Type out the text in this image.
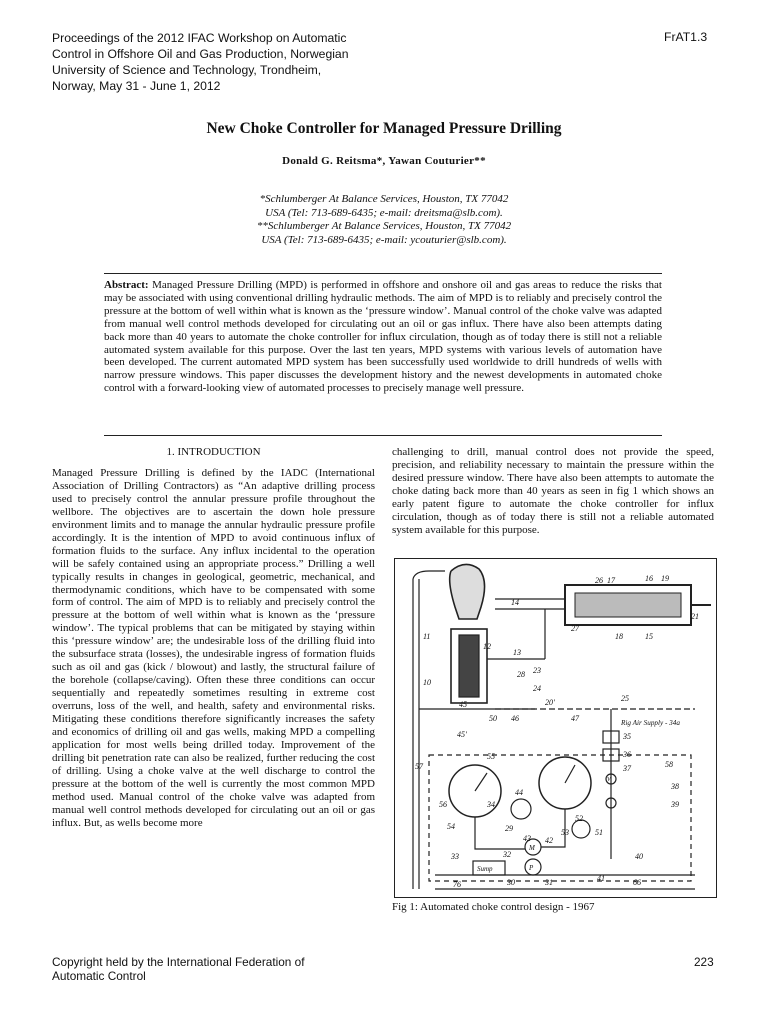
Proceedings of the 2012 IFAC Workshop on Automatic
Control in Offshore Oil and Gas Production, Norwegian
University of Science and Technology, Trondheim,
Norway, May 31 - June 1, 2012
FrAT1.3
New Choke Controller for Managed Pressure Drilling
Donald G. Reitsma*, Yawan Couturier**
*Schlumberger At Balance Services, Houston, TX 77042
USA (Tel: 713-689-6435; e-mail: dreitsma@slb.com).
**Schlumberger At Balance Services, Houston, TX 77042
USA (Tel: 713-689-6435; e-mail: ycouturier@slb.com).
Abstract: Managed Pressure Drilling (MPD) is performed in offshore and onshore oil and gas areas to reduce the risks that may be associated with using conventional drilling hydraulic methods. The aim of MPD is to reliably and precisely control the pressure at the bottom of well within what is known as the ‘pressure window’. Manual control of the choke valve was adapted from manual well control methods developed for circulating out an oil or gas influx. There have also been attempts dating back more than 40 years to automate the choke controller for influx circulation, though as of today there is still not a reliable automated system available for this purpose. Over the last ten years, MPD systems with various levels of automation have been developed. The current automated MPD system has been successfully used worldwide to drill hundreds of wells with narrow pressure windows. This paper discusses the development history and the newest developments in automated choke control with a forward-looking view of automated processes to precisely manage well pressure.
1. INTRODUCTION

Managed Pressure Drilling is defined by the IADC (International Association of Drilling Contractors) as “An adaptive drilling process used to precisely control the annular pressure profile throughout the wellbore. The objectives are to ascertain the down hole pressure environment limits and to manage the annular hydraulic pressure profile accordingly. It is the intention of MPD to avoid continuous influx of formation fluids to the surface. Any influx incidental to the operation will be safely contained using an appropriate process.” Drilling a well typically results in changes in geological, geometric, mechanical, and thermodynamic conditions, which have to be compensated with some form of control. The aim of MPD is to reliably and precisely control the pressure at the bottom of well within what is known as the ‘pressure window’. The typical problems that can be mitigated by staying within this ‘pressure window’ are; the undesirable loss of the drilling fluid into the subsurface strata (losses), the undesirable ingress of formation fluids such as oil and gas (kick / blowout) and lastly, the structural failure of the borehole (collapse/caving). Often these three conditions can occur sequentially and repeatedly sometimes resulting in extreme cost overruns, loss of the well, and health, safety and environmental risks. Mitigating these conditions therefore significantly increases the safety and economics of drilling oil and gas wells, making MPD a compelling application for most wells being drilled today. Improvement of the drilling bit penetration rate can also be realized, further reducing the cost of drilling. Using a choke valve at the well discharge to control the pressure at the bottom of the well is currently the most common MPD method used. Manual control of the choke valve was adapted from manual well control methods developed for circulating out an oil or gas influx. But, as wells become more

challenging to drill, manual control does not provide the speed, precision, and reliability necessary to maintain the pressure within the desired pressure window. There have also been attempts to automate the choke dating back more than 40 years as seen in fig 1 which shows an early patent figure to automate the choke controller for influx circulation, though as of today there is still not a reliable automated system available for this purpose.

26 17	16 19
14
27
18	15
21
11
12
13
10
28 23
24
20'	25
45
50 46	47
45'
Rig Air Supply - 34a
57
55
35
36
37	58
38
39
56	34
44
52
53	51
54	29
40
33
43 42
32
30	31	41
76	66
Sump
M
P
V
Fig 1: Automated choke control design - 1967
Copyright held by the International Federation of
Automatic Control
223
